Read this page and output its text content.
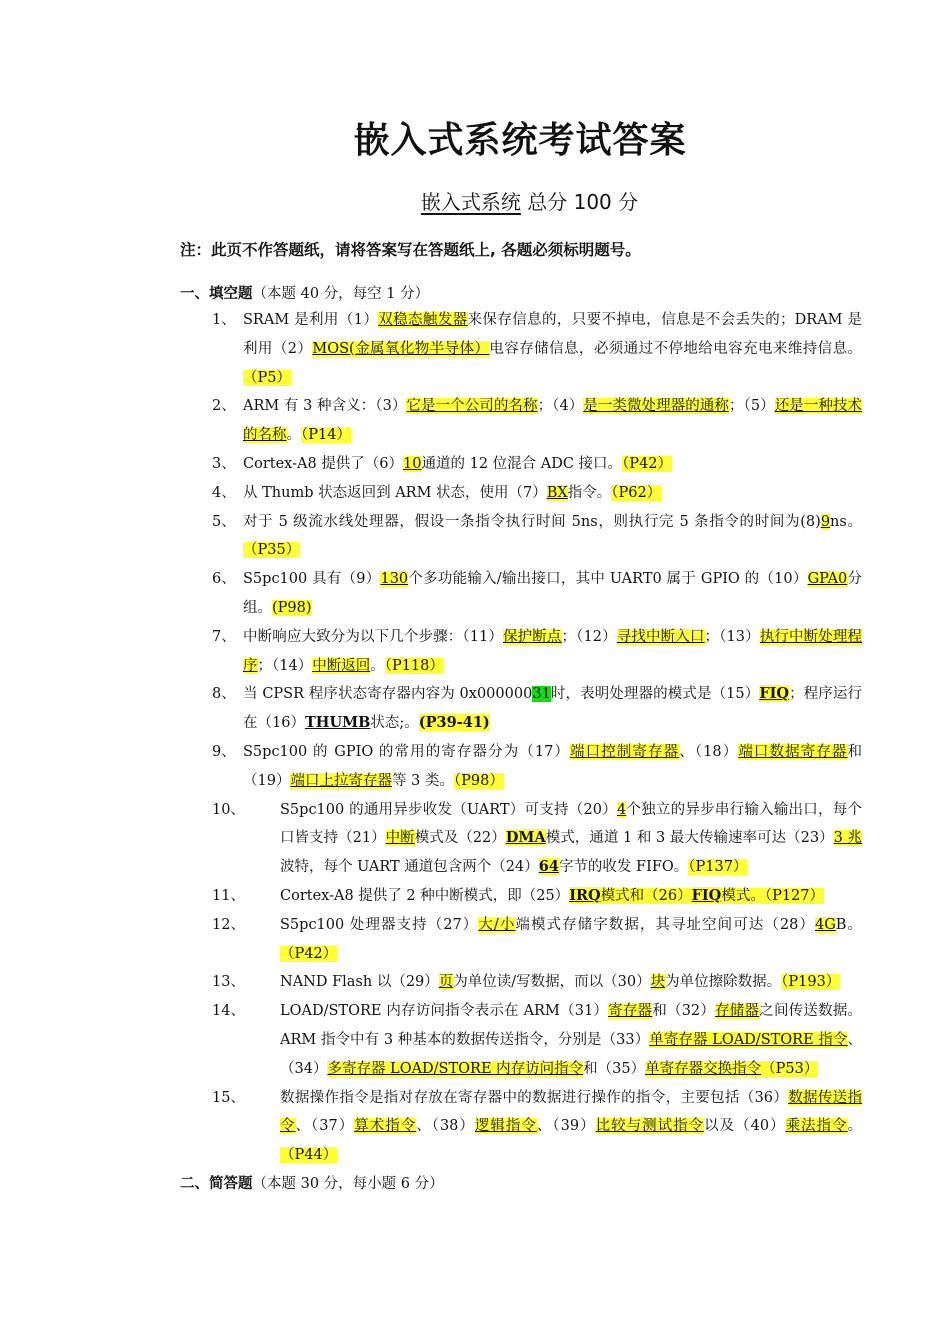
嵌入式系统考试答案
嵌入式系统 总分 100 分
注：此页不作答题纸，请将答案写在答题纸上, 各题必须标明题号。
一、填空题（本题 40 分，每空 1 分）
1、 SRAM 是利用（1）双稳态触发器来保存信息的，只要不掉电，信息是不会丢失的；DRAM 是利用（2）MOS(金属氧化物半导体）电容存储信息，必须通过不停地给电容充电来维持信息。（P5）
2、 ARM 有 3 种含义：（3）它是一个公司的名称；（4）是一类微处理器的通称；（5）还是一种技术的名称。（P14）
3、 Cortex-A8 提供了（6）10通道的 12 位混合 ADC 接口。（P42）
4、 从 Thumb 状态返回到 ARM 状态，使用（7）BX指令。（P62）
5、 对于 5 级流水线处理器，假设一条指令执行时间 5ns，则执行完 5 条指令的时间为(8)9ns。（P35）
6、 S5pc100 具有（9）130个多功能输入/输出接口，其中 UART0 属于 GPIO 的（10）GPA0分组。(P98)
7、 中断响应大致分为以下几个步骤：（11）保护断点；（12）寻找中断入口；（13）执行中断处理程序；（14）中断返回。（P118）
8、 当 CPSR 程序状态寄存器内容为 0x00000031时，表明处理器的模式是（15）FIQ；程序运行在（16）THUMB状态;。(P39-41)
9、 S5pc100 的 GPIO 的常用的寄存器分为（17）端口控制寄存器、（18）端口数据寄存器和（19）端口上拉寄存器等 3 类。（P98）
10、 S5pc100 的通用异步收发（UART）可支持（20）4个独立的异步串行输入输出口，每个口皆支持（21）中断模式及（22）DMA模式，通道 1 和 3 最大传输速率可达（23）3 兆波特，每个 UART 通道包含两个（24）64字节的收发 FIFO。（P137）
11、 Cortex-A8 提供了 2 种中断模式，即（25）IRQ模式和（26）FIQ模式。（P127）
12、 S5pc100 处理器支持（27）大/小端模式存储字数据，其寻址空间可达（28）4GB。（P42）
13、 NAND Flash 以（29）页为单位读/写数据，而以（30）块为单位擦除数据。（P193）
14、 LOAD/STORE 内存访问指令表示在 ARM（31）寄存器和（32）存储器之间传送数据。ARM 指令中有 3 种基本的数据传送指令，分别是（33）单寄存器 LOAD/STORE 指令、（34）多寄存器 LOAD/STORE 内存访问指令和（35）单寄存器交换指令（P53）
15、 数据操作指令是指对存放在寄存器中的数据进行操作的指令，主要包括（36）数据传送指令、（37）算术指令、（38）逻辑指令、（39）比较与测试指令以及（40）乘法指令。（P44）
二、简答题（本题 30 分，每小题 6 分）
